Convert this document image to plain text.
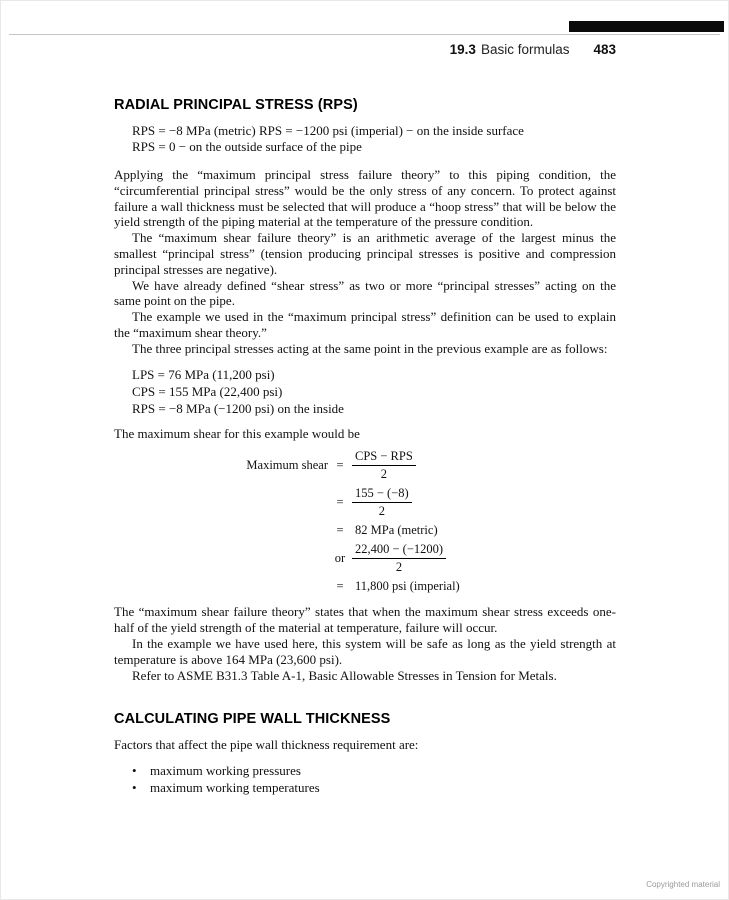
19.3 Basic formulas 483
RADIAL PRINCIPAL STRESS (RPS)
RPS = −8 MPa (metric) RPS = −1200 psi (imperial) − on the inside surface
RPS = 0 − on the outside surface of the pipe

Applying the “maximum principal stress failure theory” to this piping condition, the “circumferential principal stress” would be the only stress of any concern. To protect against failure a wall thickness must be selected that will produce a “hoop stress” that will be below the yield strength of the piping material at the temperature of the pressure condition.

The “maximum shear failure theory” is an arithmetic average of the largest minus the smallest “principal stress” (tension producing principal stresses is positive and compression principal stresses are negative).

We have already defined “shear stress” as two or more “principal stresses” acting on the same point on the pipe.

The example we used in the “maximum principal stress” definition can be used to explain the “maximum shear theory.”

The three principal stresses acting at the same point in the previous example are as follows:

LPS = 76 MPa (11,200 psi)
CPS = 155 MPa (22,400 psi)
RPS = −8 MPa (−1200 psi) on the inside

The maximum shear for this example would be

Maximum shear = $\frac{\text{CPS − RPS}}{2}$
= $\frac{155 - (-8)}{2}$
= 82 MPa (metric)
or $\frac{22,400 - (-1200)}{2}$
= 11,800 psi (imperial)

The “maximum shear failure theory” states that when the maximum shear stress exceeds one-half of the yield strength of the material at temperature, failure will occur.

In the example we have used here, this system will be safe as long as the yield strength at temperature is above 164 MPa (23,600 psi).

Refer to ASME B31.3 Table A-1, Basic Allowable Stresses in Tension for Metals.

CALCULATING PIPE WALL THICKNESS

Factors that affect the pipe wall thickness requirement are:

•	maximum working pressures
•	maximum working temperatures
Copyrighted material
